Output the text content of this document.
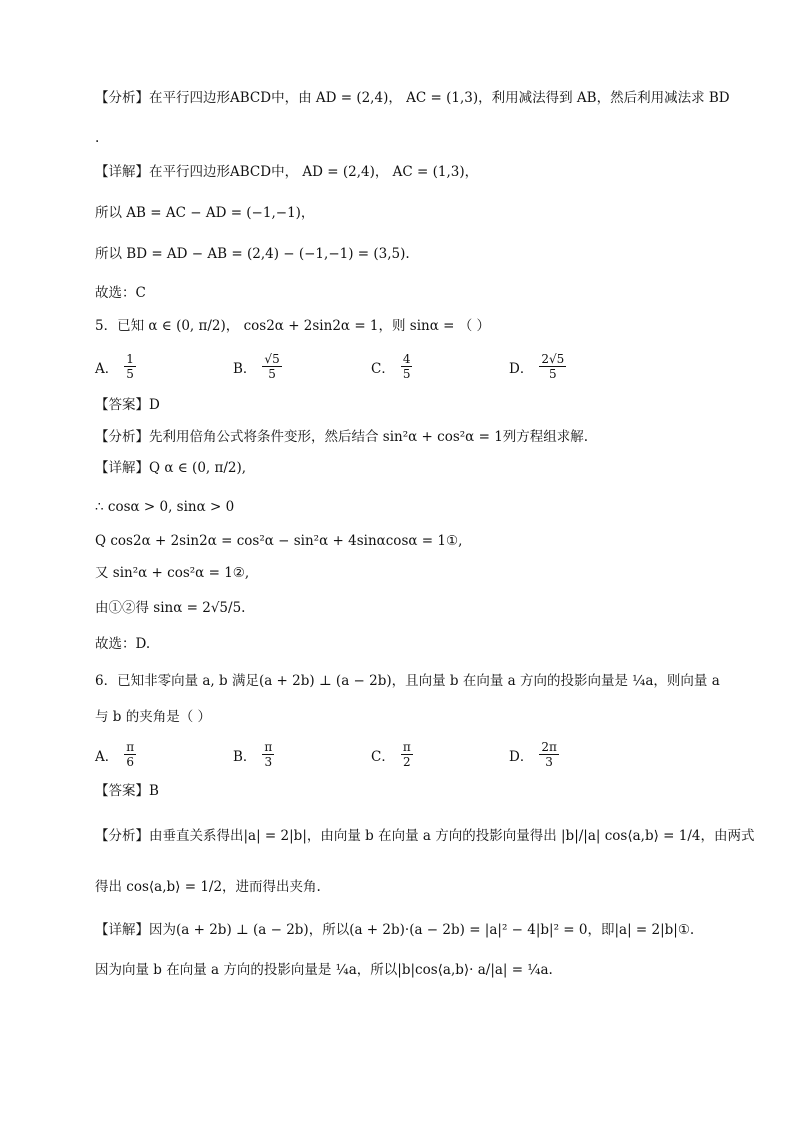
【分析】在平行四边形ABCD中，由 AD = (2,4)， AC = (1,3)，利用减法得到 AB，然后利用减法求 BD
.
【详解】在平行四边形ABCD中， AD = (2,4)， AC = (1,3)，
所以 AB = AC − AD = (−1,−1)，
所以 BD = AD − AB = (2,4) − (−1,−1) = (3,5).
故选：C
5．已知 α ∈ (0, π/2)， cos2α + 2sin2α = 1，则 sinα = （ ）
【答案】D
【分析】先利用倍角公式将条件变形，然后结合 sin²α + cos²α = 1列方程组求解.
【详解】Q α ∈ (0, π/2),
∴ cosα > 0, sinα > 0
Q cos2α + 2sin2α = cos²α − sin²α + 4sinαcosα = 1①,
又 sin²α + cos²α = 1②,
由①②得 sinα = 2√5/5.
故选：D.
6．已知非零向量 a, b 满足(a + 2b) ⊥ (a − 2b)，且向量 b 在向量 a 方向的投影向量是 ¼a，则向量 a
与 b 的夹角是（ ）
【答案】B
【分析】由垂直关系得出|a| = 2|b|，由向量 b 在向量 a 方向的投影向量得出 |b|/|a| cos⟨a,b⟩ = 1/4，由两式
得出 cos⟨a,b⟩ = 1/2，进而得出夹角.
【详解】因为(a + 2b) ⊥ (a − 2b)，所以(a + 2b)·(a − 2b) = |a|² − 4|b|² = 0，即|a| = 2|b|①.
因为向量 b 在向量 a 方向的投影向量是 ¼a，所以|b|cos⟨a,b⟩· a/|a| = ¼a.
A． $\frac{1}{5}$	B． $\frac{√5}{5}$	C． $\frac{4}{5}$	D． $\frac{2√5}{5}$
A． $\frac{\pi}{6}$	B． $\frac{\pi}{3}$	C． $\frac{\pi}{2}$	D． $\frac{2\pi}{3}$
